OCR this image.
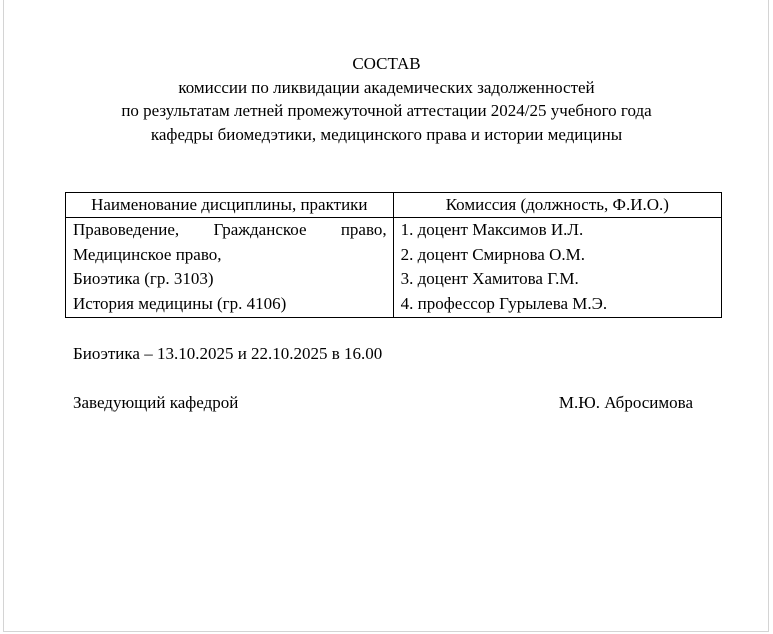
СОСТАВ
комиссии по ликвидации академических задолженностей
по результатам летней промежуточной аттестации 2024/25 учебного года
кафедры биомедэтики, медицинского права и истории медицины
Наименование дисциплины, практики	Комиссия (должность, Ф.И.О.)

Правоведение, Гражданское право,
Медицинское право,
Биоэтика (гр. 3103)
История медицины (гр. 4106)	1. доцент Максимов И.Л.
2. доцент Смирнова О.М.
3. доцент Хамитова Г.М.
4. профессор Гурылева М.Э.
Биоэтика – 13.10.2025 и 22.10.2025 в 16.00
Заведующий кафедрой	М.Ю. Абросимова
